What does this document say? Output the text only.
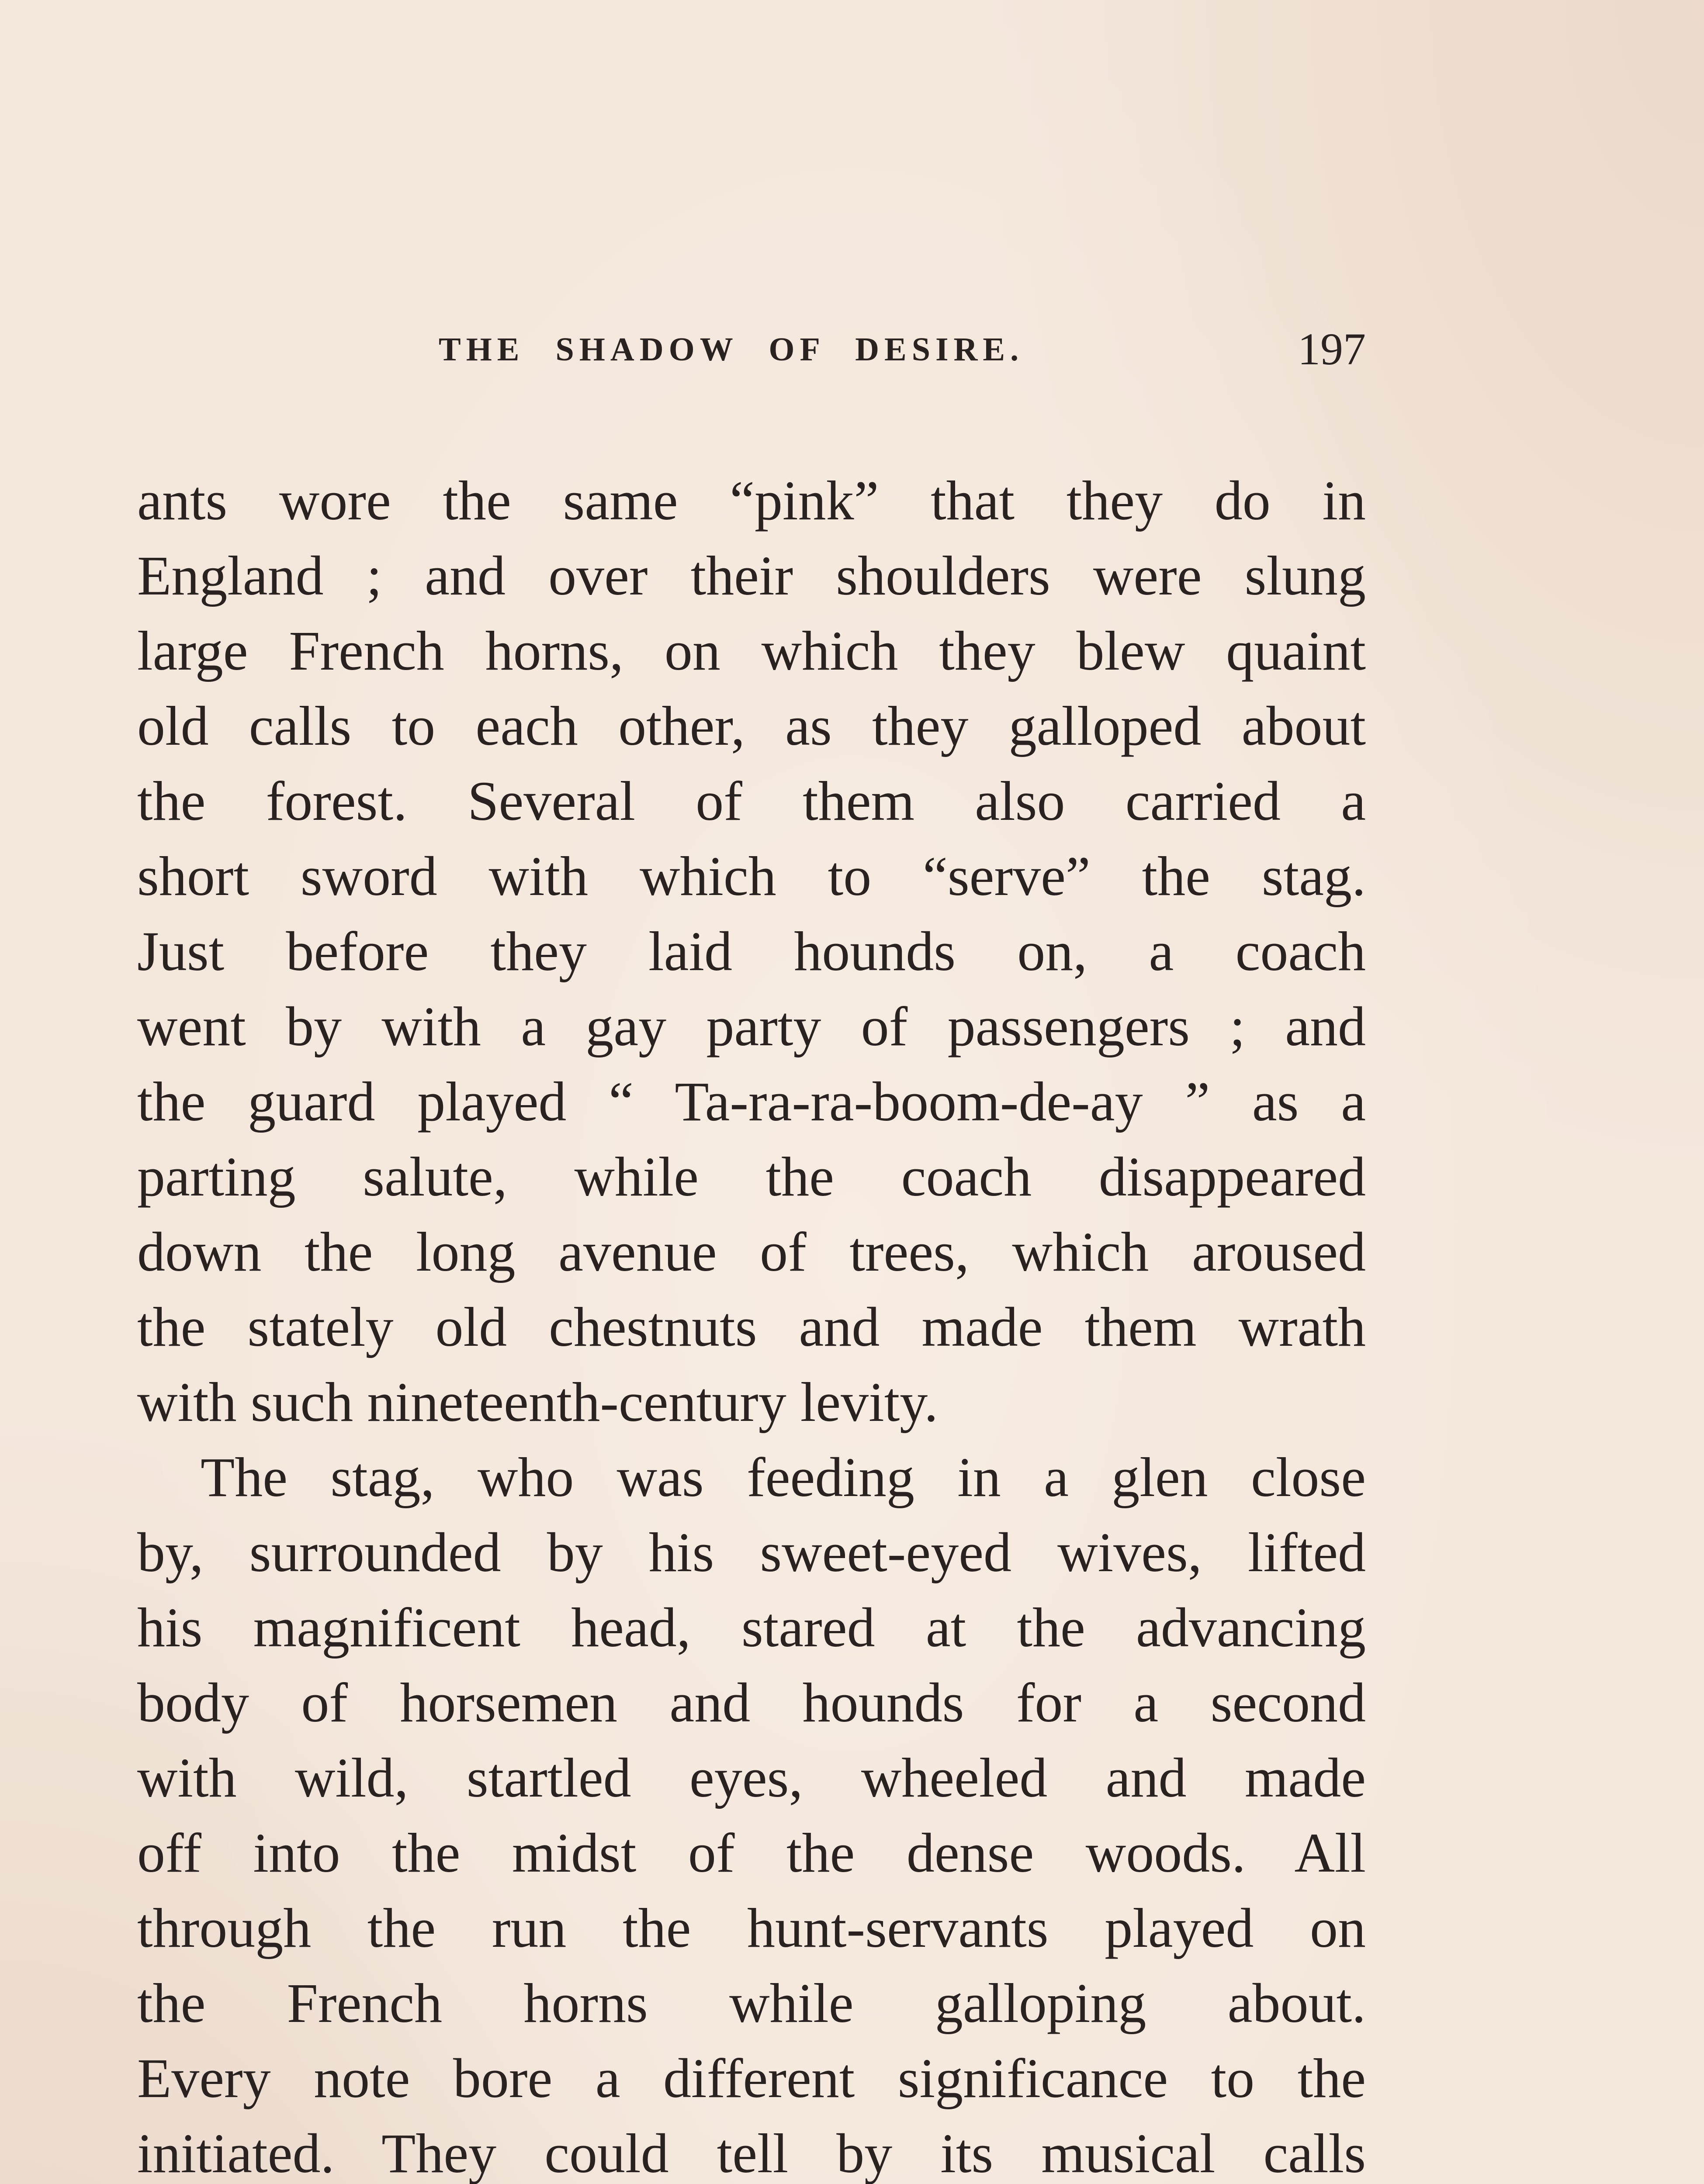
THE SHADOW OF DESIRE.	197
ants wore the same “pink” that they do in
England ; and over their shoulders were slung
large French horns, on which they blew quaint
old calls to each other, as they galloped about
the forest. Several of them also carried a
short sword with which to “serve” the stag.
Just before they laid hounds on, a coach
went by with a gay party of passengers ; and
the guard played “ Ta-ra-ra-boom-de-ay ” as a
parting salute, while the coach disappeared
down the long avenue of trees, which aroused
the stately old chestnuts and made them wrath
with such nineteenth-century levity.
The stag, who was feeding in a glen close
by, surrounded by his sweet-eyed wives, lifted
his magnificent head, stared at the advancing
body of horsemen and hounds for a second
with wild, startled eyes, wheeled and made
off into the midst of the dense woods. All
through the run the hunt-servants played on
the French horns while galloping about.
Every note bore a different significance to the
initiated. They could tell by its musical calls
